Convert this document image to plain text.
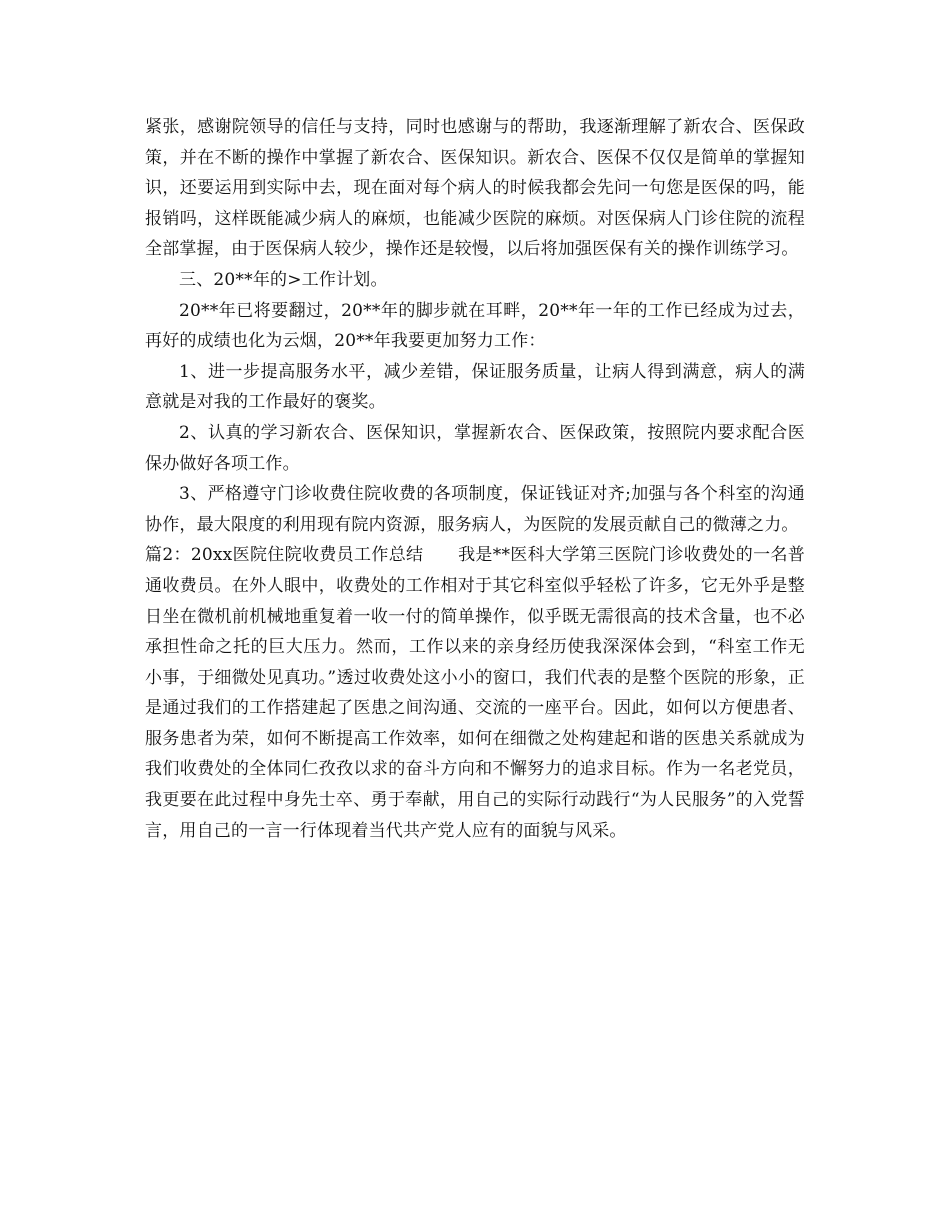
紧张，感谢院领导的信任与支持，同时也感谢与的帮助，我逐渐理解了新农合、医保政策，并在不断的操作中掌握了新农合、医保知识。新农合、医保不仅仅是简单的掌握知识，还要运用到实际中去，现在面对每个病人的时候我都会先问一句您是医保的吗，能报销吗，这样既能减少病人的麻烦，也能减少医院的麻烦。对医保病人门诊住院的流程全部掌握，由于医保病人较少，操作还是较慢，以后将加强医保有关的操作训练学习。

三、20**年的>工作计划。

20**年已将要翻过，20**年的脚步就在耳畔，20**年一年的工作已经成为过去，再好的成绩也化为云烟，20**年我要更加努力工作：

1、进一步提高服务水平，减少差错，保证服务质量，让病人得到满意，病人的满意就是对我的工作最好的褒奖。

2、认真的学习新农合、医保知识，掌握新农合、医保政策，按照院内要求配合医保办做好各项工作。

3、严格遵守门诊收费住院收费的各项制度，保证钱证对齐;加强与各个科室的沟通协作，最大限度的利用现有院内资源，服务病人，为医院的发展贡献自己的微薄之力。

篇2：20xx医院住院收费员工作总结　　我是**医科大学第三医院门诊收费处的一名普通收费员。在外人眼中，收费处的工作相对于其它科室似乎轻松了许多，它无外乎是整日坐在微机前机械地重复着一收一付的简单操作，似乎既无需很高的技术含量，也不必承担性命之托的巨大压力。然而，工作以来的亲身经历使我深深体会到，“科室工作无小事，于细微处见真功。”透过收费处这小小的窗口，我们代表的是整个医院的形象，正是通过我们的工作搭建起了医患之间沟通、交流的一座平台。因此，如何以方便患者、服务患者为荣，如何不断提高工作效率，如何在细微之处构建起和谐的医患关系就成为我们收费处的全体同仁孜孜以求的奋斗方向和不懈努力的追求目标。作为一名老党员，我更要在此过程中身先士卒、勇于奉献，用自己的实际行动践行“为人民服务”的入党誓言，用自己的一言一行体现着当代共产党人应有的面貌与风采。
